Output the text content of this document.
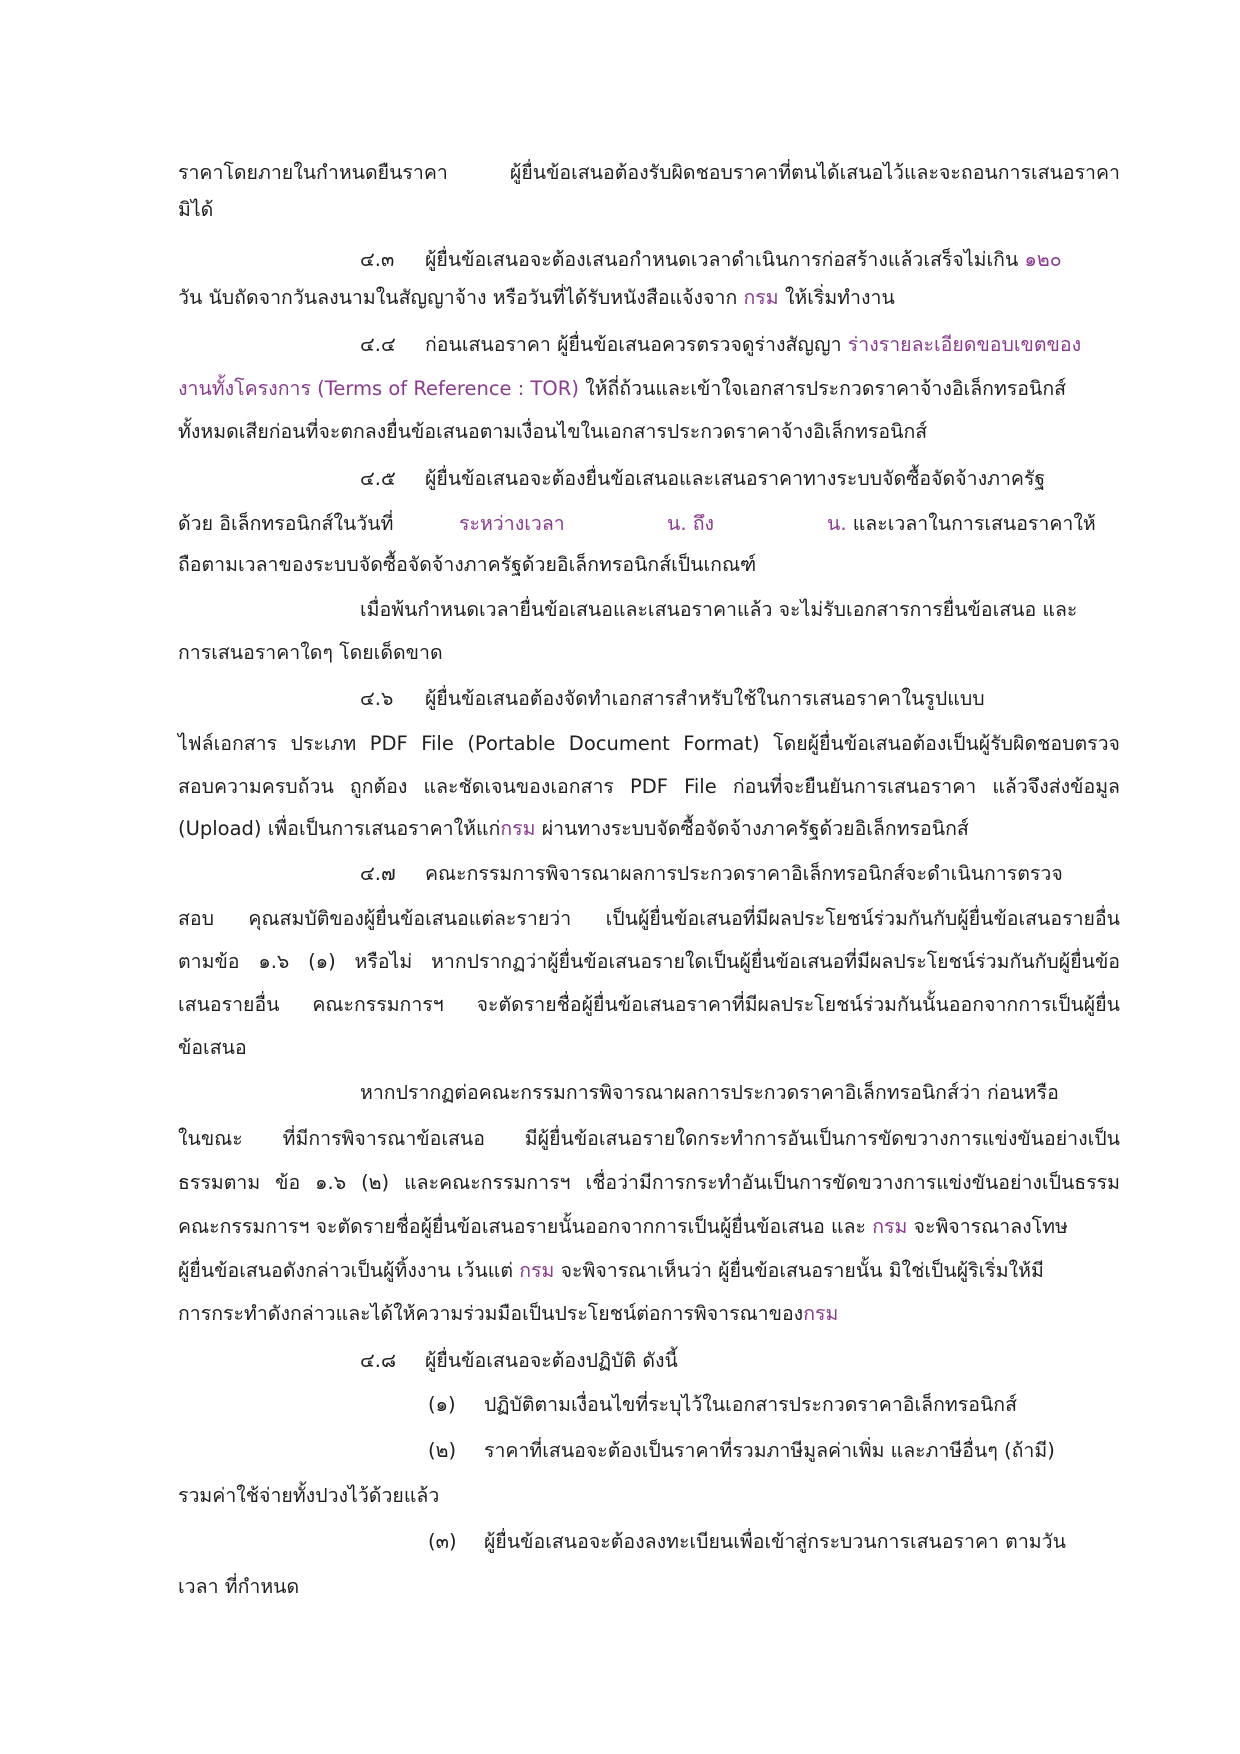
ราคาโดยภายในกำหนดยืนราคา ผู้ยื่นข้อเสนอต้องรับผิดชอบราคาที่ตนได้เสนอไว้และจะถอนการเสนอราคา
มิได้
๔.๓ ผู้ยื่นข้อเสนอจะต้องเสนอกำหนดเวลาดำเนินการก่อสร้างแล้วเสร็จไม่เกิน ๑๒๐
วัน นับถัดจากวันลงนามในสัญญาจ้าง หรือวันที่ได้รับหนังสือแจ้งจาก กรม ให้เริ่มทำงาน
๔.๔ ก่อนเสนอราคา ผู้ยื่นข้อเสนอควรตรวจดูร่างสัญญา ร่างรายละเอียดขอบเขตของ
งานทั้งโครงการ (Terms of Reference : TOR) ให้ถี่ถ้วนและเข้าใจเอกสารประกวดราคาจ้างอิเล็กทรอนิกส์
ทั้งหมดเสียก่อนที่จะตกลงยื่นข้อเสนอตามเงื่อนไขในเอกสารประกวดราคาจ้างอิเล็กทรอนิกส์
๔.๕ ผู้ยื่นข้อเสนอจะต้องยื่นข้อเสนอและเสนอราคาทางระบบจัดซื้อจัดจ้างภาครัฐ
ด้วย อิเล็กทรอนิกส์ในวันที่	ระหว่างเวลา	น. ถึง	น. และเวลาในการเสนอราคาให้
ถือตามเวลาของระบบจัดซื้อจัดจ้างภาครัฐด้วยอิเล็กทรอนิกส์เป็นเกณฑ์
เมื่อพ้นกำหนดเวลายื่นข้อเสนอและเสนอราคาแล้ว จะไม่รับเอกสารการยื่นข้อเสนอ และ
การเสนอราคาใดๆ โดยเด็ดขาด
๔.๖ ผู้ยื่นข้อเสนอต้องจัดทำเอกสารสำหรับใช้ในการเสนอราคาในรูปแบบ
ไฟล์เอกสาร ประเภท PDF File (Portable Document Format) โดยผู้ยื่นข้อเสนอต้องเป็นผู้รับผิดชอบตรวจ
สอบความครบถ้วน ถูกต้อง และชัดเจนของเอกสาร PDF File ก่อนที่จะยืนยันการเสนอราคา แล้วจึงส่งข้อมูล
(Upload) เพื่อเป็นการเสนอราคาให้แก่กรม ผ่านทางระบบจัดซื้อจัดจ้างภาครัฐด้วยอิเล็กทรอนิกส์
๔.๗ คณะกรรมการพิจารณาผลการประกวดราคาอิเล็กทรอนิกส์จะดำเนินการตรวจ
สอบ คุณสมบัติของผู้ยื่นข้อเสนอแต่ละรายว่า เป็นผู้ยื่นข้อเสนอที่มีผลประโยชน์ร่วมกันกับผู้ยื่นข้อเสนอรายอื่น
ตามข้อ ๑.๖ (๑) หรือไม่ หากปรากฏว่าผู้ยื่นข้อเสนอรายใดเป็นผู้ยื่นข้อเสนอที่มีผลประโยชน์ร่วมกันกับผู้ยื่นข้อ
เสนอรายอื่น คณะกรรมการฯ จะตัดรายชื่อผู้ยื่นข้อเสนอราคาที่มีผลประโยชน์ร่วมกันนั้นออกจากการเป็นผู้ยื่น
ข้อเสนอ
หากปรากฏต่อคณะกรรมการพิจารณาผลการประกวดราคาอิเล็กทรอนิกส์ว่า ก่อนหรือ
ในขณะ ที่มีการพิจารณาข้อเสนอ มีผู้ยื่นข้อเสนอรายใดกระทำการอันเป็นการขัดขวางการแข่งขันอย่างเป็น
ธรรมตาม ข้อ ๑.๖ (๒) และคณะกรรมการฯ เชื่อว่ามีการกระทำอันเป็นการขัดขวางการแข่งขันอย่างเป็นธรรม
คณะกรรมการฯ จะตัดรายชื่อผู้ยื่นข้อเสนอรายนั้นออกจากการเป็นผู้ยื่นข้อเสนอ และ กรม จะพิจารณาลงโทษ
ผู้ยื่นข้อเสนอดังกล่าวเป็นผู้ทิ้งงาน เว้นแต่ กรม จะพิจารณาเห็นว่า ผู้ยื่นข้อเสนอรายนั้น มิใช่เป็นผู้ริเริ่มให้มี
การกระทำดังกล่าวและได้ให้ความร่วมมือเป็นประโยชน์ต่อการพิจารณาของกรม
๔.๘ ผู้ยื่นข้อเสนอจะต้องปฏิบัติ ดังนี้
(๑) ปฏิบัติตามเงื่อนไขที่ระบุไว้ในเอกสารประกวดราคาอิเล็กทรอนิกส์
(๒) ราคาที่เสนอจะต้องเป็นราคาที่รวมภาษีมูลค่าเพิ่ม และภาษีอื่นๆ (ถ้ามี)
รวมค่าใช้จ่ายทั้งปวงไว้ด้วยแล้ว
(๓) ผู้ยื่นข้อเสนอจะต้องลงทะเบียนเพื่อเข้าสู่กระบวนการเสนอราคา ตามวัน
เวลา ที่กำหนด
